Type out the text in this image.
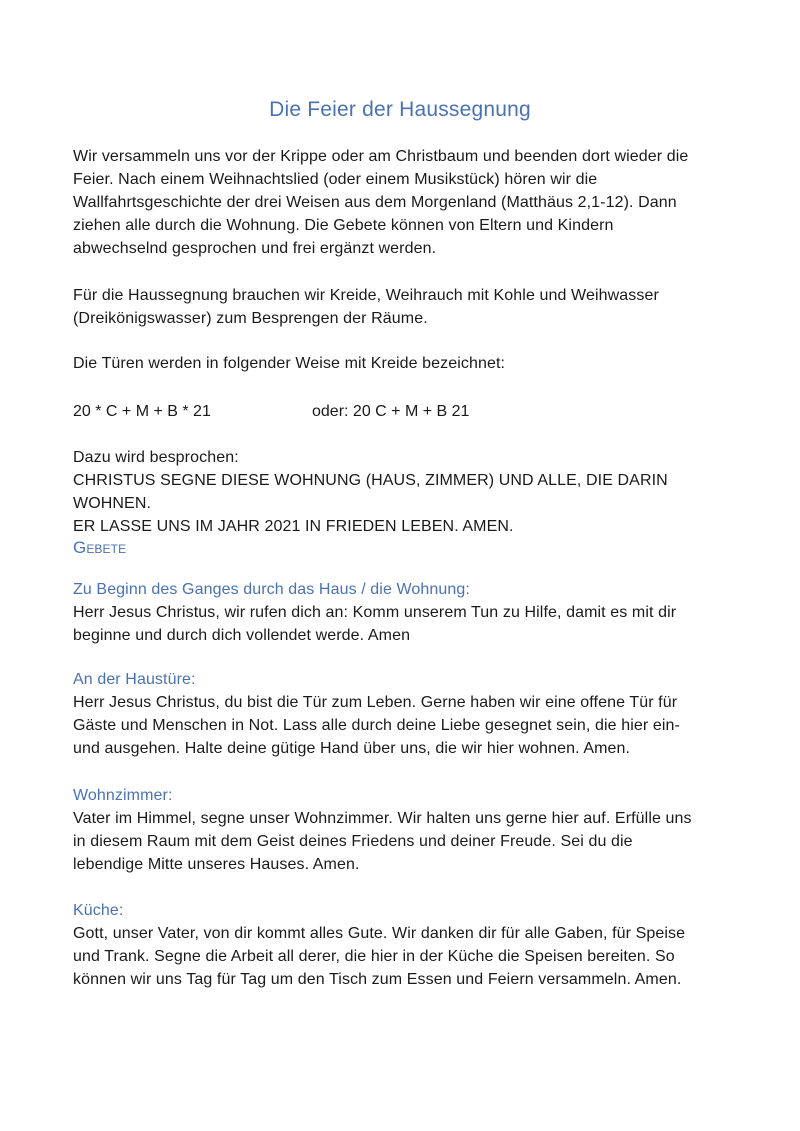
Die Feier der Haussegnung
Wir versammeln uns vor der Krippe oder am Christbaum und beenden dort wieder die
Feier. Nach einem Weihnachtslied (oder einem Musikstück) hören wir die
Wallfahrtsgeschichte der drei Weisen aus dem Morgenland (Matthäus 2,1-12). Dann
ziehen alle durch die Wohnung. Die Gebete können von Eltern und Kindern
abwechselnd gesprochen und frei ergänzt werden.
Für die Haussegnung brauchen wir Kreide, Weihrauch mit Kohle und Weihwasser
(Dreikönigswasser) zum Besprengen der Räume.
Die Türen werden in folgender Weise mit Kreide bezeichnet:
20 * C + M + B * 21	oder: 20 C + M + B 21
Dazu wird besprochen:
CHRISTUS SEGNE DIESE WOHNUNG (HAUS, ZIMMER) UND ALLE, DIE DARIN WOHNEN.
ER LASSE UNS IM JAHR 2021 IN FRIEDEN LEBEN. AMEN.
Gebete
Zu Beginn des Ganges durch das Haus / die Wohnung:
Herr Jesus Christus, wir rufen dich an: Komm unserem Tun zu Hilfe, damit es mit dir
beginne und durch dich vollendet werde. Amen
An der Haustüre:
Herr Jesus Christus, du bist die Tür zum Leben. Gerne haben wir eine offene Tür für
Gäste und Menschen in Not. Lass alle durch deine Liebe gesegnet sein, die hier ein-
und ausgehen. Halte deine gütige Hand über uns, die wir hier wohnen. Amen.
Wohnzimmer:
Vater im Himmel, segne unser Wohnzimmer. Wir halten uns gerne hier auf. Erfülle uns
in diesem Raum mit dem Geist deines Friedens und deiner Freude. Sei du die
lebendige Mitte unseres Hauses. Amen.
Küche:
Gott, unser Vater, von dir kommt alles Gute. Wir danken dir für alle Gaben, für Speise
und Trank. Segne die Arbeit all derer, die hier in der Küche die Speisen bereiten. So
können wir uns Tag für Tag um den Tisch zum Essen und Feiern versammeln. Amen.
